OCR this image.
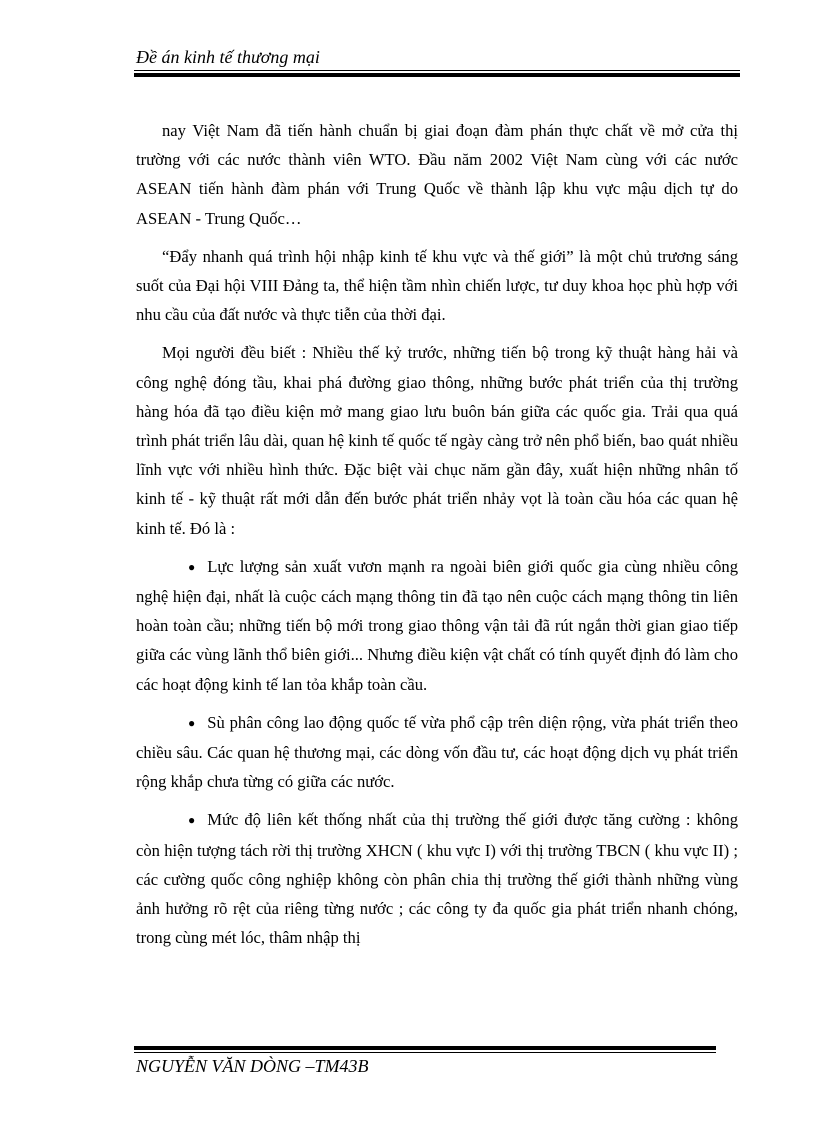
Đề án kinh tế thương mại

nay Việt Nam đã tiến hành chuẩn bị giai đoạn đàm phán thực chất về mở cửa thị trường với các nước thành viên WTO. Đầu năm 2002 Việt Nam cùng với các nước ASEAN tiến hành đàm phán với Trung Quốc về thành lập khu vực mậu dịch tự do ASEAN - Trung Quốc…

“Đẩy nhanh quá trình hội nhập kinh tế khu vực và thế giới” là một chủ trương sáng suốt của Đại hội VIII Đảng ta, thể hiện tầm nhìn chiến lược, tư duy khoa học phù hợp với nhu cầu của đất nước và thực tiễn của thời đại.

Mọi người đều biết : Nhiều thế kỷ trước, những tiến bộ trong kỹ thuật hàng hải và công nghệ đóng tầu, khai phá đường giao thông, những bước phát triển của thị trường hàng hóa đã tạo điều kiện mở mang giao lưu buôn bán giữa các quốc gia. Trải qua quá trình phát triển lâu dài, quan hệ kinh tế quốc tế ngày càng trở nên phổ biến, bao quát nhiều lĩnh vực với nhiều hình thức. Đặc biệt vài chục năm gần đây, xuất hiện những nhân tố kinh tế - kỹ thuật rất mới dẫn đến bước phát triển nhảy vọt là toàn cầu hóa các quan hệ kinh tế. Đó là :

● Lực lượng sản xuất vươn mạnh ra ngoài biên giới quốc gia cùng nhiều công nghệ hiện đại, nhất là cuộc cách mạng thông tin đã tạo nên cuộc cách mạng thông tin liên hoàn toàn cầu; những tiến bộ mới trong giao thông vận tải đã rút ngắn thời gian giao tiếp giữa các vùng lãnh thổ biên giới... Nhưng điều kiện vật chất có tính quyết định đó làm cho các hoạt động kinh tế lan tỏa khắp toàn cầu.

● Sù phân công lao động quốc tế vừa phổ cập trên diện rộng, vừa phát triển theo chiều sâu. Các quan hệ thương mại, các dòng vốn đầu tư, các hoạt động dịch vụ phát triển rộng khắp chưa từng có giữa các nước.

● Mức độ liên kết thống nhất của thị trường thế giới được tăng cường : không còn hiện tượng tách rời thị trường XHCN ( khu vực I) với thị trường TBCN ( khu vực II) ; các cường quốc công nghiệp không còn phân chia thị trường thế giới thành những vùng ảnh hưởng rõ rệt của riêng từng nước ; các công ty đa quốc gia phát triển nhanh chóng, trong cùng mét lóc, thâm nhập thị

NGUYỄN VĂN DÒNG –TM43B
